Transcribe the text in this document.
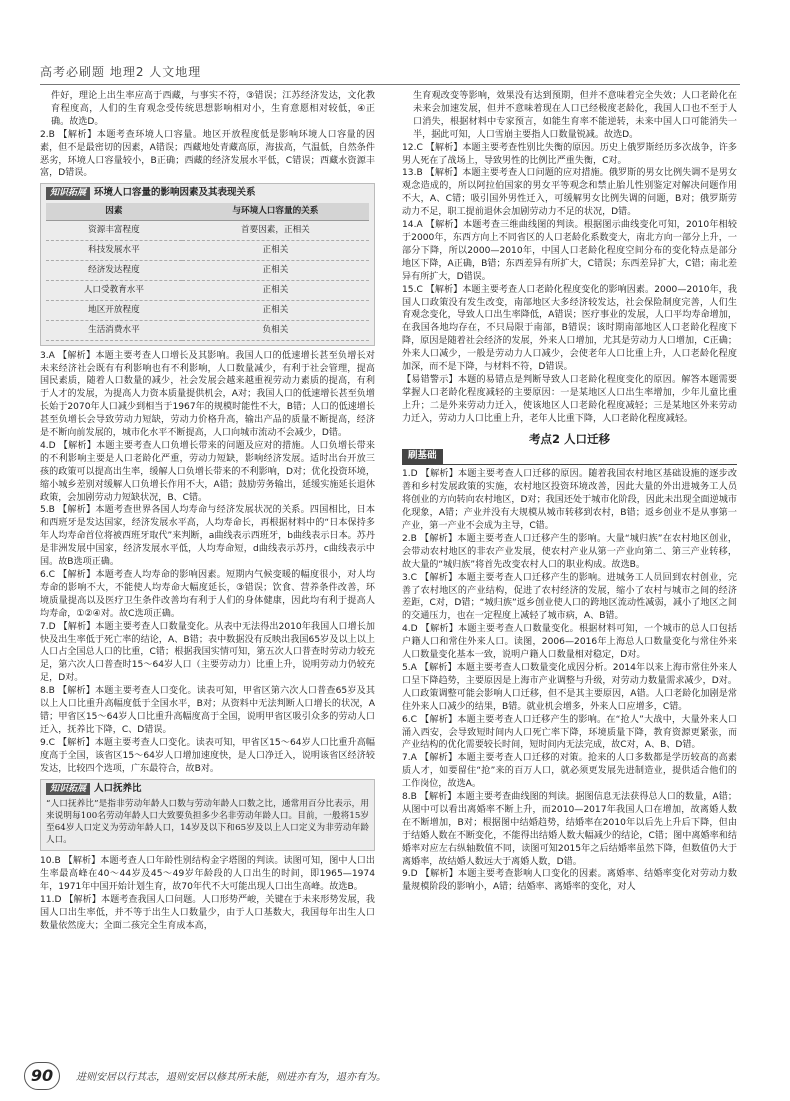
高考必刷题 地理2 人文地理

件好，理论上出生率应高于西藏，与事实不符，③错误；江苏经济发达，文化教育程度高，人们的生育观念受传统思想影响相对小，生育意愿相对较低，④正确。故选D。

2.B 【解析】本题考查环境人口容量。地区开放程度低是影响环境人口容量的因素，但不是最密切的因素，A错误；西藏地处青藏高原，海拔高，气温低，自然条件恶劣，环境人口容量较小，B正确；西藏的经济发展水平低，C错误；西藏水资源丰富，D错误。

知识拓展 环境人口容量的影响因素及其表现关系
因素	与环境人口容量的关系
资源丰富程度	首要因素，正相关
科技发展水平	正相关
经济发达程度	正相关
人口受教育水平	正相关
地区开放程度	正相关
生活消费水平	负相关

3.A 【解析】本题主要考查人口增长及其影响。我国人口的低速增长甚至负增长对未来经济社会既有有利影响也有不利影响，人口数量减少，有利于社会管理，提高国民素质，随着人口数量的减少，社会发展会越来越重视劳动力素质的提高，有利于人才的发展，为提高人力资本质量提供机会，A对；我国人口的低速增长甚至负增长始于2070年人口减少到相当于1967年的规模时能性不大，B错；人口的低速增长甚至负增长会导致劳动力短缺，劳动力价格升高，输出产品的质量不断提高，经济是不断向前发展的，城市化水平不断提高，人口向城市流动不会减少，D错。

4.D 【解析】本题主要考查人口负增长带来的问题及应对的措施。人口负增长带来的不利影响主要是人口老龄化严重，劳动力短缺，影响经济发展。适时出台开放三孩的政策可以提高出生率，缓解人口负增长带来的不利影响，D对；优化投资环境，缩小城乡差别对缓解人口负增长作用不大，A错；鼓励劳务输出，延缓实施延长退休政策，会加剧劳动力短缺状况，B、C错。

5.B 【解析】本题考查世界各国人均寿命与经济发展状况的关系。四国相比，日本和西班牙是发达国家，经济发展水平高，人均寿命长，再根据材料中的“日本保持多年人均寿命首位将被西班牙取代”来判断，a曲线表示西班牙，b曲线表示日本。苏丹是非洲发展中国家，经济发展水平低，人均寿命短，d曲线表示苏丹，c曲线表示中国。故B选项正确。

6.C 【解析】本题考查人均寿命的影响因素。短期内气候变暖的幅度很小，对人均寿命的影响不大，不能使人均寿命大幅度延长，③错误；饮食、营养条件改善，环境质量提高以及医疗卫生条件改善均有利于人们的身体健康，因此均有利于提高人均寿命，①②④对。故C选项正确。

7.D 【解析】本题主要考查人口数量变化。从表中无法得出2010年我国人口增长加快及出生率低于死亡率的结论，A、B错；表中数据没有反映出我国65岁及以上以上人口占全国总人口的比重，C错；根据我国实情可知，第五次人口普查时劳动力较充足，第六次人口普查时15～64岁人口（主要劳动力）比重上升，说明劳动力仍较充足，D对。

8.B 【解析】本题主要考查人口变化。读表可知，甲省区第六次人口普查65岁及其以上人口比重升高幅度低于全国水平，B对；从资料中无法判断人口增长的状况，A错；甲省区15～64岁人口比重升高幅度高于全国，说明甲省区吸引众多的劳动人口迁入，抚养比下降，C、D错误。

9.C 【解析】本题主要考查人口变化。读表可知，甲省区15～64岁人口比重升高幅度高于全国，该省区15～64岁人口增加速度快，是人口净迁入，说明该省区经济较发达，比较四个选项，广东最符合，故B对。

知识拓展 人口抚养比
“人口抚养比”是指非劳动年龄人口数与劳动年龄人口数之比，通常用百分比表示，用来说明每100名劳动年龄人口大致要负担多少名非劳动年龄人口。目前，一般将15岁至64岁人口定义为劳动年龄人口，14岁及以下和65岁及以上人口定义为非劳动年龄人口。

10.B 【解析】本题考查人口年龄性别结构金字塔图的判读。读图可知，图中人口出生率最高峰在40～44岁及45～49岁年龄段的人口出生的时间，即1965—1974年，1971年中国开始计划生育，故70年代不大可能出现人口出生高峰。故选B。

11.D 【解析】本题考查我国人口问题。人口形势严峻，关键在于未来形势发展，我国人口出生率低，并不等于出生人口数量少，由于人口基数大，我国每年出生人口数量依然庞大；全面二孩完全生育成本高，

生育观改变等影响，效果没有达到预期，但并不意味着完全失效；人口老龄化在未来会加速发展，但并不意味着现在人口已经极度老龄化，我国人口也不至于人口消失，根据材料中专家预言，如能生育率不能逆转，未来中国人口可能消失一半，据此可知，人口雪崩主要指人口数量锐减。故选D。

12.C 【解析】本题主要考查性别比失衡的原因。历史上俄罗斯经历多次战争，许多男人死在了战场上，导致男性的比例比严重失衡，C对。

13.B 【解析】本题主要考查人口问题的应对措施。俄罗斯的男女比例失调不是男女观念造成的，所以阿拉伯国家的男女平等观念和禁止胎儿性别鉴定对解决问题作用不大，A、C错；吸引国外男性迁入，可缓解男女比例失调的问题，B对；俄罗斯劳动力不足，职工提前退休会加剧劳动力不足的状况，D错。

14.A 【解析】本题考查三维曲线图的判读。根据图示曲线变化可知，2010年相较于2000年，东西方向上不同省区的人口老龄化系数变大，南北方向一部分上升，一部分下降，所以2000—2010年，中国人口老龄化程度空间分布的变化特点是部分地区下降，A正确，B错；东西差异有所扩大，C错误；东西差异扩大，C错；南北差异有所扩大，D错误。

15.C 【解析】本题主要考查人口老龄化程度变化的影响因素。2000—2010年，我国人口政策没有发生改变，南部地区大多经济较发达，社会保险制度完善，人们生育观念变化，导致人口出生率降低，A错误；医疗事业的发展，人口平均寿命增加，在我国各地均存在，不只局限于南部，B错误；该时期南部地区人口老龄化程度下降，原因是随着社会经济的发展，外来人口增加，尤其是劳动力人口增加，C正确；外来人口减少，一般是劳动力人口减少，会使老年人口比重上升，人口老龄化程度加深，而不是下降，与材料不符，D错误。

【易错警示】本题的易错点是判断导致人口老龄化程度变化的原因。解答本题需要掌握人口老龄化程度减轻的主要原因：一是某地区人口出生率增加，少年儿童比重上升；二是外来劳动力迁入，使该地区人口老龄化程度减轻；三是某地区外来劳动力迁入，劳动力人口比重上升，老年人比重下降，人口老龄化程度减轻。

考点2 人口迁移
刷基础

1.D 【解析】本题主要考查人口迁移的原因。随着我国农村地区基础设施的逐步改善和乡村发展政策的实施，农村地区投资环境改善，因此大量的外出进城务工人员将创业的方向转向农村地区，D对；我国还处于城市化阶段，因此未出现全面逆城市化现象，A错；产业并没有大规模从城市转移到农村，B错；返乡创业不是从事第一产业，第一产业不会成为主导，C错。

2.B 【解析】本题主要考查人口迁移产生的影响。大量“城归族”在农村地区创业，会带动农村地区的非农产业发展，使农村产业从第一产业向第二、第三产业转移，故大量的“城归族”将首先改变农村人口的职业构成。故选B。

3.C 【解析】本题主要考查人口迁移产生的影响。进城务工人员回到农村创业，完善了农村地区的产业结构，促进了农村经济的发展，缩小了农村与城市之间的经济差距，C对，D错；“城归族”返乡创业使人口的跨地区流动性减弱，减小了地区之间的交通压力，也在一定程度上减轻了城市病，A、B错。

4.D 【解析】本题主要考查人口数量变化。根据材料可知，一个城市的总人口包括户籍人口和常住外来人口。读图，2006—2016年上海总人口数量变化与常住外来人口数量变化基本一致，说明户籍人口数量相对稳定，D对。

5.A 【解析】本题主要考查人口数量变化成因分析。2014年以来上海市常住外来人口呈下降趋势，主要原因是上海市产业调整与升级，对劳动力数量需求减少，D对。人口政策调整可能会影响人口迁移，但不是其主要原因，A错。人口老龄化加剧是常住外来人口减少的结果，B错。就业机会增多，外来人口应增多，C错。

6.C 【解析】本题主要考查人口迁移产生的影响。在“抢人”大战中，大量外来人口涌入西安，会导致短时间内人口死亡率下降，环境质量下降，教育资源更紧张，而产业结构的优化需要较长时间，短时间内无法完成，故C对，A、B、D错。

7.A 【解析】本题主要考查人口迁移的对策。抢来的人口多数都是学历较高的高素质人才，如要留住“抢”来的百万人口，就必须更发展先进制造业，提供适合他们的工作岗位，故选A。

8.B 【解析】本题主要考查曲线图的判读。据图信息无法获得总人口的数量，A错；从图中可以看出离婚率不断上升，而2010—2017年我国人口在增加，故离婚人数在不断增加，B对；根据图中结婚趋势，结婚率在2010年以后先上升后下降，但由于结婚人数在不断变化，不能得出结婚人数大幅减少的结论，C错；图中离婚率和结婚率对应左右纵轴数值不同，读图可知2015年之后结婚率虽然下降，但数值仍大于离婚率，故结婚人数远大于离婚人数，D错。

9.D 【解析】本题主要考查影响人口变化的因素。离婚率、结婚率变化对劳动力数量规模阶段的影响小，A错；结婚率、离婚率的变化，对人

90	进则安居以行其志，退则安居以修其所未能，则进亦有为，退亦有为。
